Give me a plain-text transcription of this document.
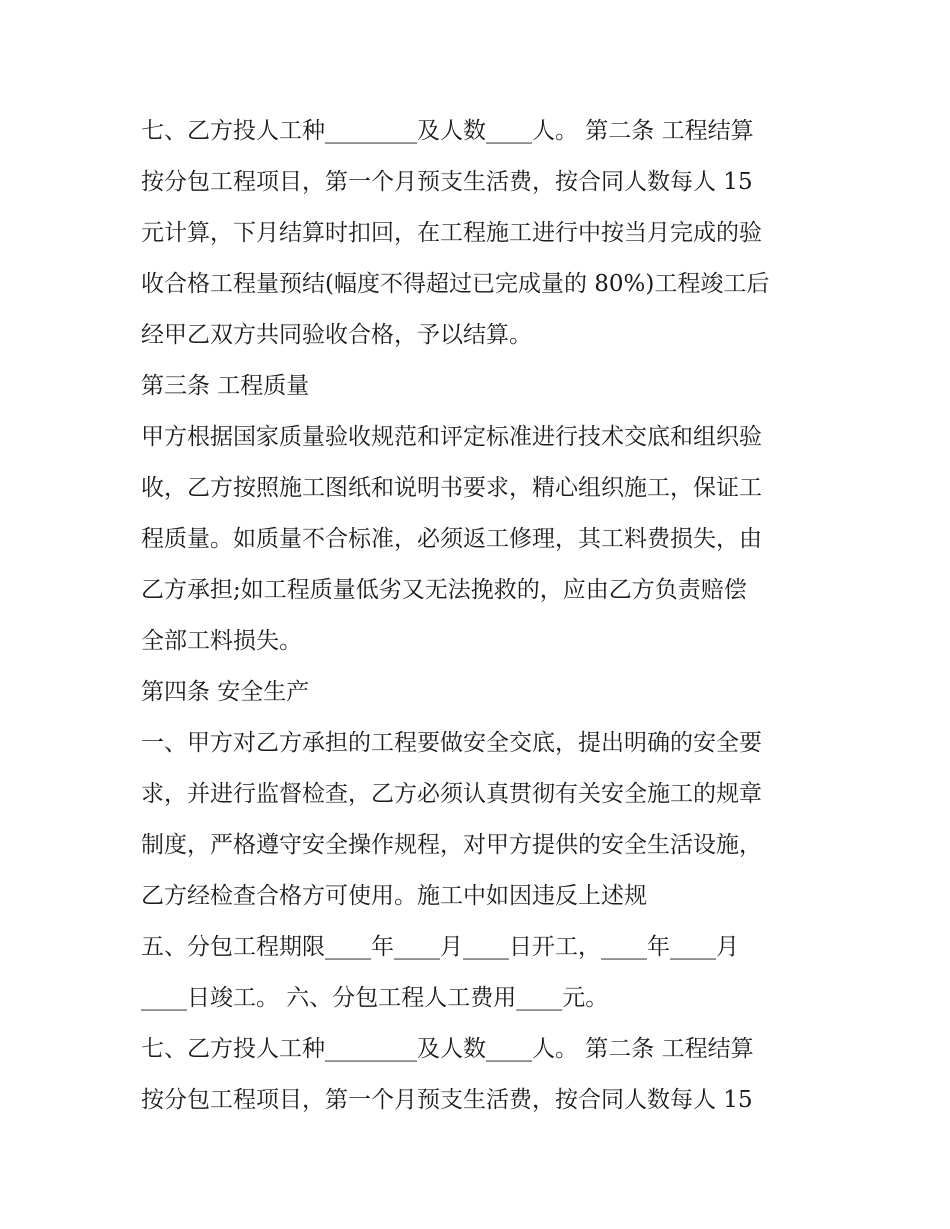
七、乙方投人工种________及人数____人。 第二条 工程结算
按分包工程项目，第一个月预支生活费，按合同人数每人 15
元计算，下月结算时扣回，在工程施工进行中按当月完成的验
收合格工程量预结(幅度不得超过已完成量的 80%)工程竣工后
经甲乙双方共同验收合格，予以结算。
第三条 工程质量
甲方根据国家质量验收规范和评定标准进行技术交底和组织验
收，乙方按照施工图纸和说明书要求，精心组织施工，保证工
程质量。如质量不合标准，必须返工修理，其工料费损失，由
乙方承担;如工程质量低劣又无法挽救的，应由乙方负责赔偿
全部工料损失。
第四条 安全生产
一、甲方对乙方承担的工程要做安全交底，提出明确的安全要
求，并进行监督检查，乙方必须认真贯彻有关安全施工的规章
制度，严格遵守安全操作规程，对甲方提供的安全生活设施，
乙方经检查合格方可使用。施工中如因违反上述规
五、分包工程期限____年____月____日开工，____年____月
____日竣工。 六、分包工程人工费用____元。
七、乙方投人工种________及人数____人。 第二条 工程结算
按分包工程项目，第一个月预支生活费，按合同人数每人 15
